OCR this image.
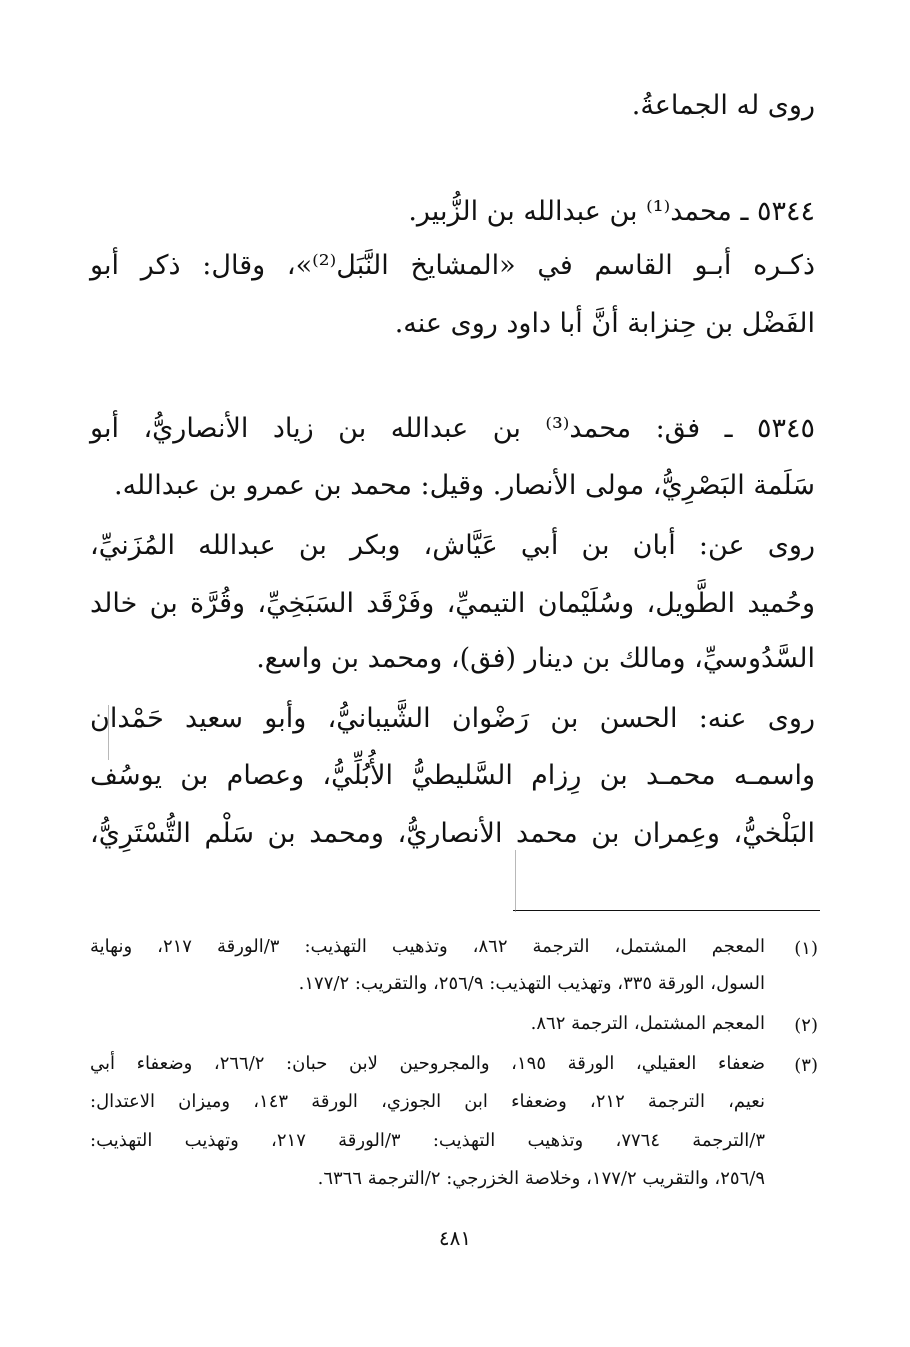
روى له الجماعةُ.
٥٣٤٤ ـ محمد⁽¹⁾ بن عبدالله بن الزُّبير.
ذكـره أبـو القاسم في «المشايخ النَّبَل⁽²⁾»، وقال: ذكر أبو
الفَضْل بن حِنزابة أنَّ أبا داود روى عنه.
٥٣٤٥ ـ فق: محمد⁽³⁾ بن عبدالله بن زياد الأنصاريُّ، أبو
سَلَمة البَصْرِيُّ، مولى الأنصار. وقيل: محمد بن عمرو بن عبدالله.
روى عن: أبان بن أبي عَيَّاش، وبكر بن عبدالله المُزَنيِّ،
وحُميد الطَّويل، وسُلَيْمان التيميِّ، وفَرْقَد السَبَخِيِّ، وقُرَّة بن خالد
السَّدُوسيِّ، ومالك بن دينار (فق)، ومحمد بن واسع.
روى عنه: الحسن بن رَضْوان الشَّيبانيُّ، وأبو سعيد حَمْدان
واسمـه محمـد بن رِزام السَّليطيُّ الأُبُلِّيُّ، وعصام بن يوسُف
البَلْخيُّ، وعِمران بن محمد الأنصاريُّ، ومحمد بن سَلْم التُّسْتَرِيُّ،
(١)
المعجم المشتمل، الترجمة ٨٦٢، وتذهيب التهذيب: ٣/الورقة ٢١٧، ونهاية
السول، الورقة ٣٣٥، وتهذيب التهذيب: ٢٥٦/٩، والتقريب: ١٧٧/٢.
(٢)
المعجم المشتمل، الترجمة ٨٦٢.
(٣)
ضعفاء العقيلي، الورقة ١٩٥، والمجروحين لابن حبان: ٢٦٦/٢، وضعفاء أبي
نعيم، الترجمة ٢١٢، وضعفاء ابن الجوزي، الورقة ١٤٣، وميزان الاعتدال:
٣/الترجمة ٧٧٦٤، وتذهيب التهذيب: ٣/الورقة ٢١٧، وتهذيب التهذيب:
٢٥٦/٩، والتقريب ١٧٧/٢، وخلاصة الخزرجي: ٢/الترجمة ٦٣٦٦.
٤٨١
